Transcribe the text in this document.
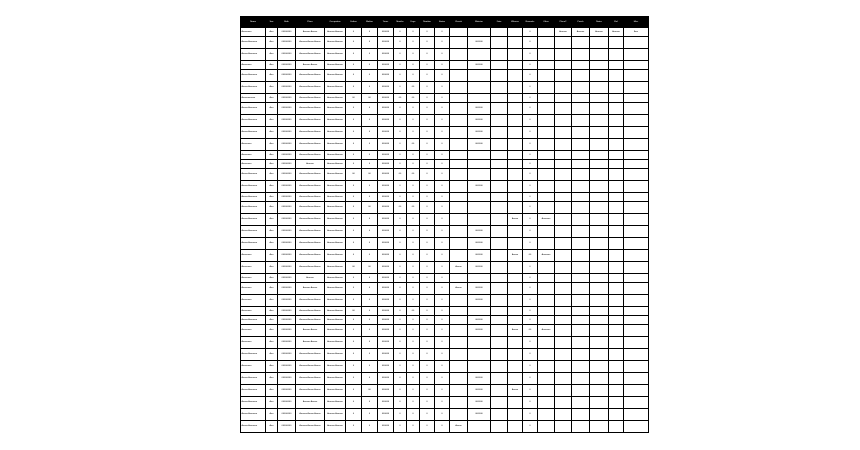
Name	Sex	Birth	Place	Occupation	Father	Mother	Years	Months	Days	Number	Status	Church	Minister	Date	Witness	Remarks	Other	Place2	Parish	Notes	Ref	Misc
Aaaaaaaa	Aaa	00000000	Aaaaaa Aaaaa	Aaaaaa Aaaaaa	0	0	000000	0	0	0	0					0		Aaaaaa	Aaaaaa	Aaaaaa	Aaaaaa	Aaa
Aaaaa Aaaaaaa	Aaa	00000000	Aaaaaa Aaaaa Aaaaa	Aaaaaa Aaaaaa	0	0	000000	0	0	0	0		000000			0						
Aaaaa Aaaaaaa	Aaa	00000000	Aaaaaa Aaaaa Aaaaa	Aaaaaa Aaaaaa	0	0	000000	0	0	0	0					0						
Aaaaaaaa	Aaa	00000000	Aaaaaa Aaaaa	Aaaaaa Aaaaaa	0	0	000000	0	0	0	0		000000			0						
Aaaaa Aaaaaaa	Aaa	00000000	Aaaaaa Aaaaa Aaaaa	Aaaaaa Aaaaaa	0	0	000000	0	0	0	0					0						
Aaaaa Aaaaaaa	Aaa	00000000	Aaaaaa Aaaaa Aaaaa	Aaaaaa Aaaaaa	0	0	000000	0	00	0	0					0						
Aaaaaaaaaaa	Aaa	00000000	Aaaaaa Aaaaa Aaaaa	Aaaaaa Aaaaaa	00	00	000000	00	00	0	0					0						
Aaaaa Aaaaaaa	Aaa	00000000	Aaaaaa Aaaaa Aaaaa	Aaaaaa Aaaaaa	0	0	000000	0	0	0	0		000000			0						
Aaaaa Aaaaaaa	Aaa	00000000	Aaaaaa Aaaaa Aaaaa	Aaaaaa Aaaaaa	0	0	000000	0	0	0	0		000000			0						
Aaaaa Aaaaaaa	Aaa	00000000	Aaaaaa Aaaaa Aaaaa	Aaaaaa Aaaaaa	0	0	000000	0	0	0	0		000000			0						
Aaaaaaaa	Aaa	00000000	Aaaaaa Aaaaa Aaaaa	Aaaaaa Aaaaaa	0	0	000000	0	00	0	0		000000			0						
Aaaaaaaa	Aaa	00000000	Aaaaaa Aaaaa Aaaaa	Aaaaaa Aaaaaa	0	0	000000	0	0	0	0					0						
Aaaaaaaa	Aaa	00000000	Aaaaaa	Aaaaaa Aaaaaa	0	0	000000	0	0	0	0					0						
Aaaaa Aaaaaaa	Aaa	00000000	Aaaaaa Aaaaa Aaaaa	Aaaaaa Aaaaaa	00	00	000000	00	00	0	0					0						
Aaaaa Aaaaaaa	Aaa	00000000	Aaaaaa Aaaaa Aaaaa	Aaaaaa Aaaaaa	0	0	000000	0	0	0	0		000000			0						
Aaaaa Aaaaaaa	Aaa	00000000	Aaaaaa Aaaaa Aaaaa	Aaaaaa Aaaaaa	0	0	000000	0	0	0	0					0						
Aaaaa Aaaaaaa	Aaa	00000000	Aaaaaa Aaaaa Aaaaa	Aaaaaa Aaaaaa	0	00	000000	00	00	0	0					0						
Aaaaa Aaaaaaa	Aaa	00000000	Aaaaaa Aaaaa Aaaaa	Aaaaaa Aaaaaa	0	0	000000	0	0	0	0				Aaaaa	0	Aaaaaaa					
Aaaaa Aaaaaaa	Aaa	00000000	Aaaaaa Aaaaa Aaaaa	Aaaaaa Aaaaaa	0	0	000000	0	0	0	0		000000			0						
Aaaaa Aaaaaaa	Aaa	00000000	Aaaaaa Aaaaa Aaaaa	Aaaaaa Aaaaaa	0	0	000000	0	0	0	0		000000			0						
Aaaaaaaa	Aaa	00000000	Aaaaaa Aaaaa Aaaaa	Aaaaaa Aaaaaa	0	0	000000	0	0	0	0		000000		Aaaaa	00	Aaaaaaa					
Aaaaaaaa	Aaa	00000000	Aaaaaa Aaaaa Aaaaa	Aaaaaa Aaaaaa	00	00	000000	0	0	0	0	Aaaaa	000000			0						
Aaaaaaaa	Aaa	00000000	Aaaaaa	Aaaaaa Aaaaaa	0	0	000000	0	0	0	0					0						
Aaaaaaaa	Aaa	00000000	Aaaaaa Aaaaa	Aaaaaa Aaaaaa	0	0	000000	0	0	0	0	Aaaaa	000000			0						
Aaaaaaaa	Aaa	00000000	Aaaaaa Aaaaa Aaaaa	Aaaaaa Aaaaaa	0	0	000000	0	0	0	0		000000			0						
Aaaaaaaa	Aaa	00000000	Aaaaaa Aaaaa Aaaaa	Aaaaaa Aaaaaa	00	0	000000	0	00	0	0					0						
Aaaaa Aaaaaaa	Aaa	00000000	Aaaaaa Aaaaa Aaaaa	Aaaaaa Aaaaaa	0	0	000000	0	0	0	0		000000			0						
Aaaaaaaa	Aaa	00000000	Aaaaaa Aaaaa	Aaaaaa Aaaaaa	0	0	000000	0	0	0	0		000000		Aaaaa	00	Aaaaaaa					
Aaaaaaaa	Aaa	00000000	Aaaaaa Aaaaa	Aaaaaa Aaaaaa	0	0	000000	0	0	0	0					0						
Aaaaa Aaaaaaa	Aaa	00000000	Aaaaaa Aaaaa Aaaaa	Aaaaaa Aaaaaa	0	0	000000	0	0	0	0					0						
Aaaaaaaa	Aaa	00000000	Aaaaaa Aaaaa Aaaaa	Aaaaaa Aaaaaa	0	0	000000	0	0	0	0					0						
Aaaaa Aaaaaaa	Aaa	00000000	Aaaaaa Aaaaa Aaaaa	Aaaaaa Aaaaaa	0	0	000000	0	0	0	0		000000			0						
Aaaaa Aaaaaaa	Aaa	00000000	Aaaaaa Aaaaa Aaaaa	Aaaaaa Aaaaaa	0	00	000000	0	0	0	0		000000		Aaaaa	0						
Aaaaa Aaaaaaa	Aaa	00000000	Aaaaaa Aaaaa	Aaaaaa Aaaaaa	0	0	000000	0	0	0	0		000000			0						
Aaaaa Aaaaaaa	Aaa	00000000	Aaaaaa Aaaaa Aaaaa	Aaaaaa Aaaaaa	0	0	000000	0	0	0	0		000000			0						
Aaaaa Aaaaaaa	Aaa	00000000	Aaaaaa Aaaaa Aaaaa	Aaaaaa Aaaaaa	0	0	000000	0	0	0	0	Aaaaa				0						
